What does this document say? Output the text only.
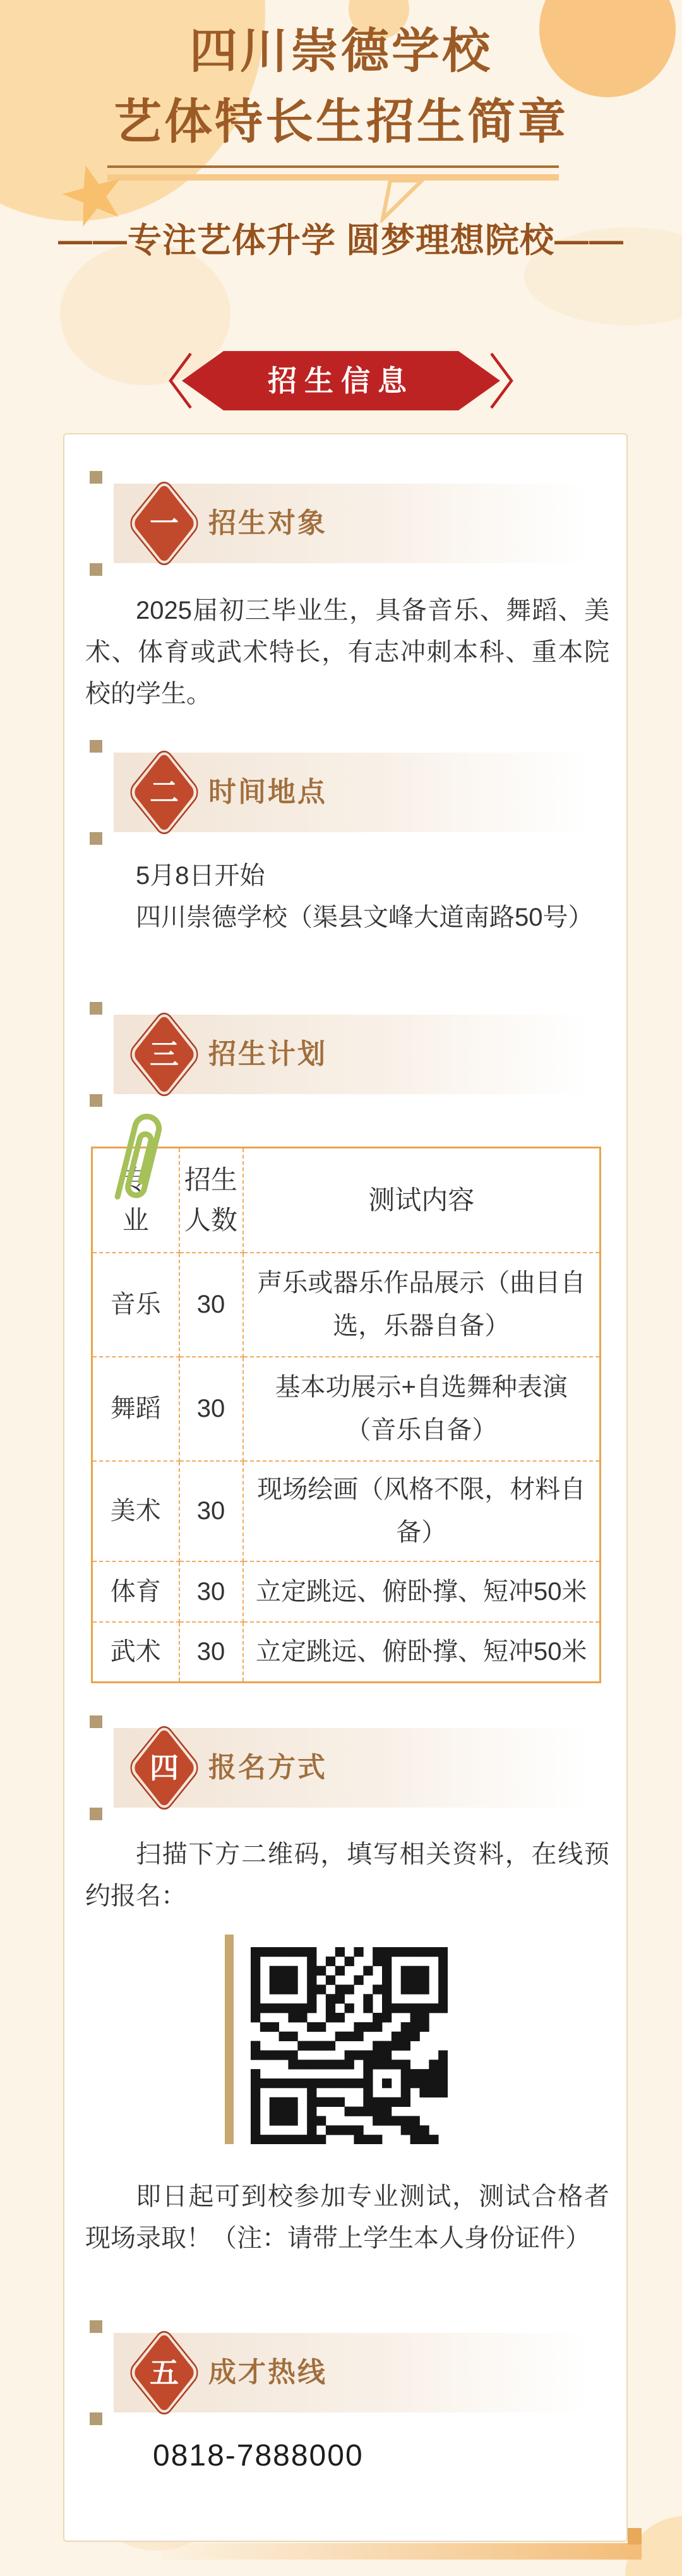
四川崇德学校
艺体特长生招生简章
——专注艺体升学 圆梦理想院校——
招生信息
一 招生对象

2025届初三毕业生，具备音乐、舞蹈、美术、体育或武术特长，有志冲刺本科、重本院校的学生。

二 时间地点

5月8日开始

四川崇德学校（渠县文峰大道南路50号）

三 招生计划
专业	招生人数	测试内容
音乐	30	声乐或器乐作品展示（曲目自选，乐器自备）
舞蹈	30	基本功展示+自选舞种表演（音乐自备）
美术	30	现场绘画（风格不限，材料自备）
体育	30	立定跳远、俯卧撑、短冲50米
武术	30	立定跳远、俯卧撑、短冲50米
四 报名方式

扫描下方二维码，填写相关资料，在线预约报名：

即日起可到校参加专业测试，测试合格者现场录取！（注：请带上学生本人身份证件）

五 成才热线
0818-7888000
